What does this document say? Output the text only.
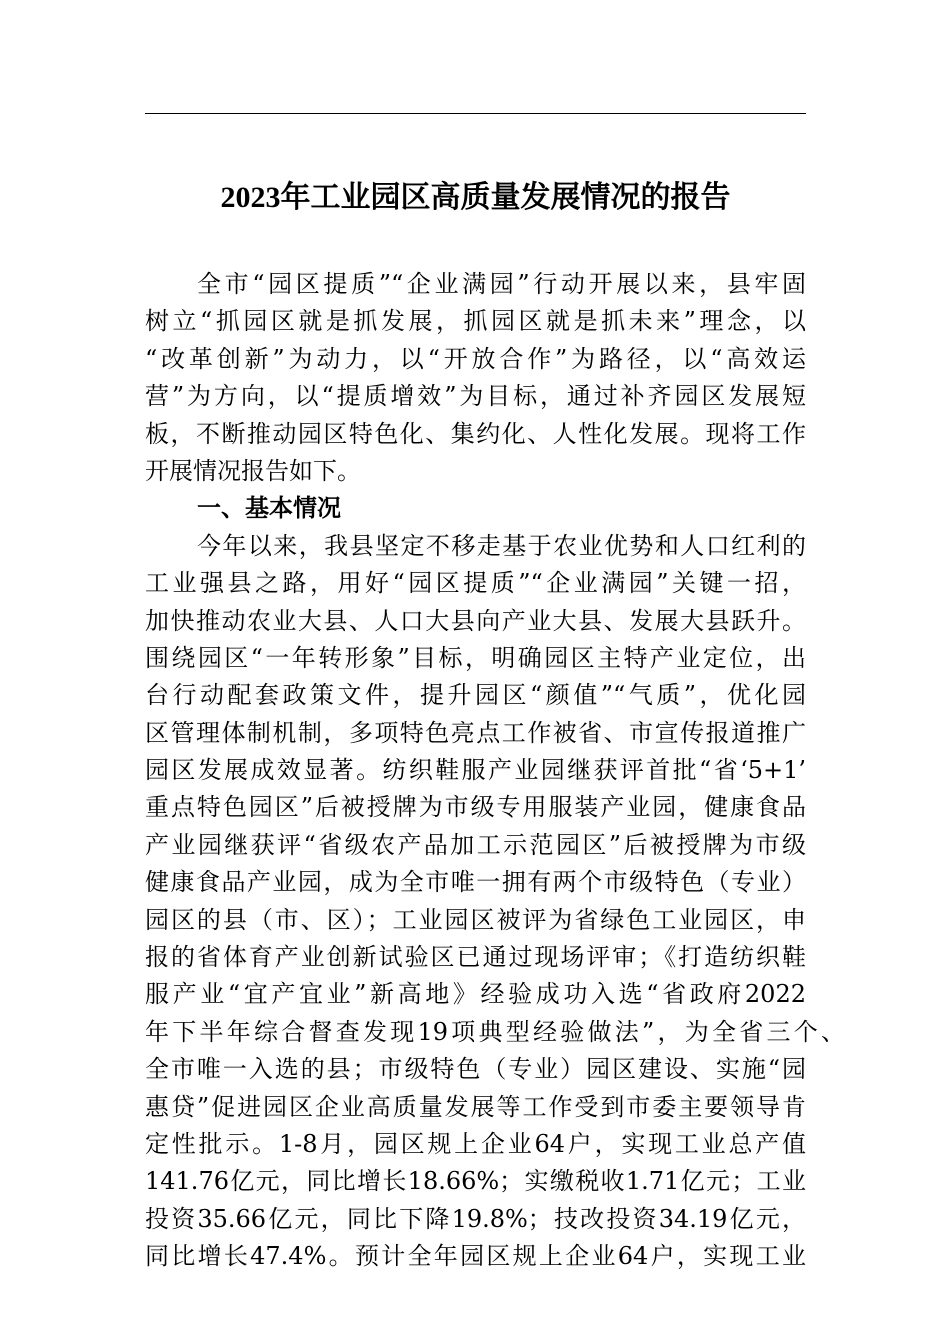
2023年工业园区高质量发展情况的报告
全市“园区提质”“企业满园”行动开展以来，县牢固
树立“抓园区就是抓发展，抓园区就是抓未来”理念，以
“改革创新”为动力，以“开放合作”为路径，以“高效运
营”为方向，以“提质增效”为目标，通过补齐园区发展短
板，不断推动园区特色化、集约化、人性化发展。现将工作
开展情况报告如下。
一、基本情况
今年以来，我县坚定不移走基于农业优势和人口红利的
工业强县之路，用好“园区提质”“企业满园”关键一招，
加快推动农业大县、人口大县向产业大县、发展大县跃升。
围绕园区“一年转形象”目标，明确园区主特产业定位，出
台行动配套政策文件，提升园区“颜值”“气质”，优化园
区管理体制机制，多项特色亮点工作被省、市宣传报道推广
园区发展成效显著。纺织鞋服产业园继获评首批“省‘5+1’
重点特色园区”后被授牌为市级专用服装产业园，健康食品
产业园继获评“省级农产品加工示范园区”后被授牌为市级
健康食品产业园，成为全市唯一拥有两个市级特色（专业）
园区的县（市、区）；工业园区被评为省绿色工业园区，申
报的省体育产业创新试验区已通过现场评审；《打造纺织鞋
服产业“宜产宜业”新高地》经验成功入选“省政府2022
年下半年综合督查发现19项典型经验做法”，为全省三个、
全市唯一入选的县；市级特色（专业）园区建设、实施“园
惠贷”促进园区企业高质量发展等工作受到市委主要领导肯
定性批示。1-8月，园区规上企业64户，实现工业总产值
141.76亿元，同比增长18.66%；实缴税收1.71亿元；工业
投资35.66亿元，同比下降19.8%；技改投资34.19亿元，
同比增长47.4%。预计全年园区规上企业64户，实现工业
